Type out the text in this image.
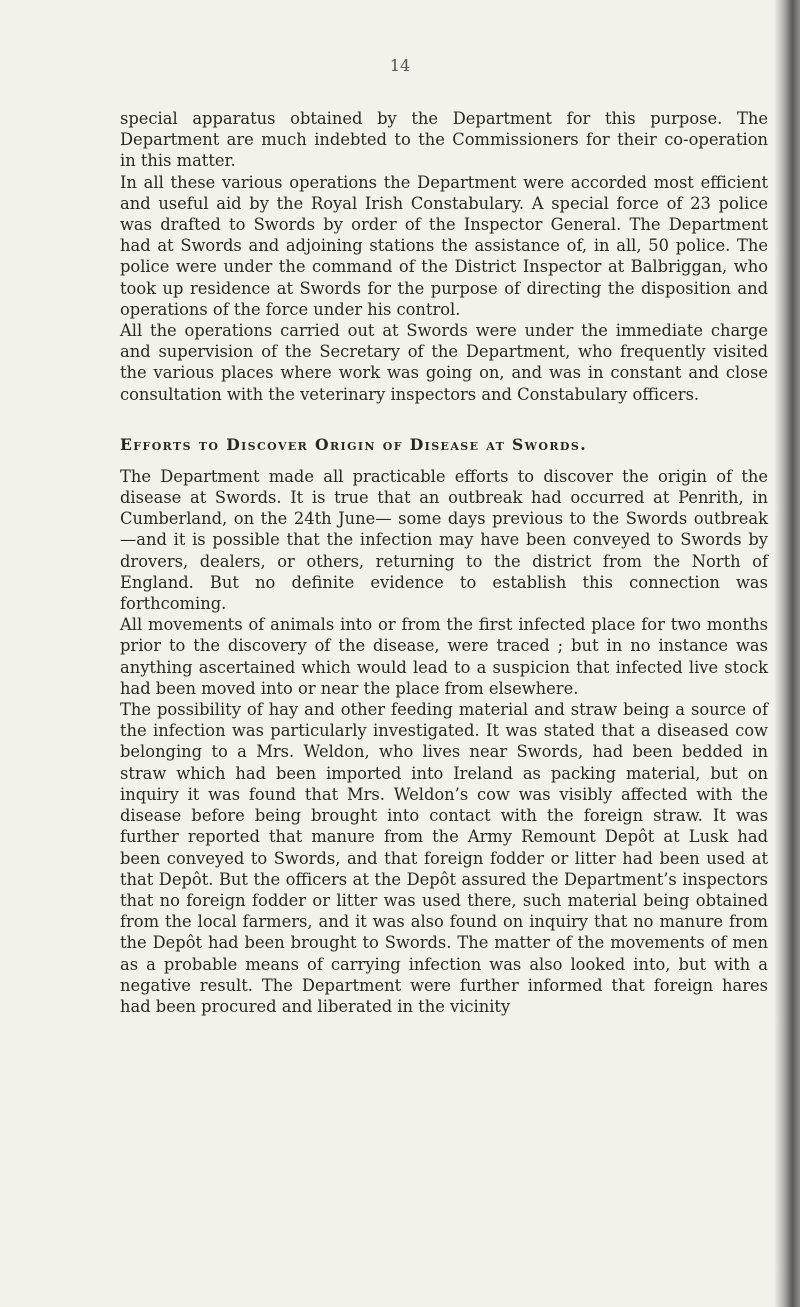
14

special apparatus obtained by the Department for this purpose. The Department are much indebted to the Commissioners for their co-operation in this matter.

In all these various operations the Department were accorded most efficient and useful aid by the Royal Irish Constabulary. A special force of 23 police was drafted to Swords by order of the Inspector General. The Department had at Swords and adjoining stations the assistance of, in all, 50 police. The police were under the command of the District Inspector at Balbriggan, who took up residence at Swords for the purpose of directing the disposition and operations of the force under his control.

All the operations carried out at Swords were under the immediate charge and supervision of the Secretary of the Department, who frequently visited the various places where work was going on, and was in constant and close consultation with the veterinary inspectors and Constabulary officers.

Efforts to Discover Origin of Disease at Swords.

The Department made all practicable efforts to discover the origin of the disease at Swords. It is true that an outbreak had occurred at Penrith, in Cumberland, on the 24th June— some days previous to the Swords outbreak—and it is possible that the infection may have been conveyed to Swords by drovers, dealers, or others, returning to the district from the North of England. But no definite evidence to establish this connection was forthcoming.

All movements of animals into or from the first infected place for two months prior to the discovery of the disease, were traced ; but in no instance was anything ascertained which would lead to a suspicion that infected live stock had been moved into or near the place from elsewhere.

The possibility of hay and other feeding material and straw being a source of the infection was particularly investigated. It was stated that a diseased cow belonging to a Mrs. Weldon, who lives near Swords, had been bedded in straw which had been imported into Ireland as packing material, but on inquiry it was found that Mrs. Weldon’s cow was visibly affected with the disease before being brought into contact with the foreign straw. It was further reported that manure from the Army Remount Depôt at Lusk had been conveyed to Swords, and that foreign fodder or litter had been used at that Depôt. But the officers at the Depôt assured the Department’s inspectors that no foreign fodder or litter was used there, such material being obtained from the local farmers, and it was also found on inquiry that no manure from the Depôt had been brought to Swords. The matter of the movements of men as a probable means of carrying infection was also looked into, but with a negative result. The Department were further informed that foreign hares had been procured and liberated in the vicinity
